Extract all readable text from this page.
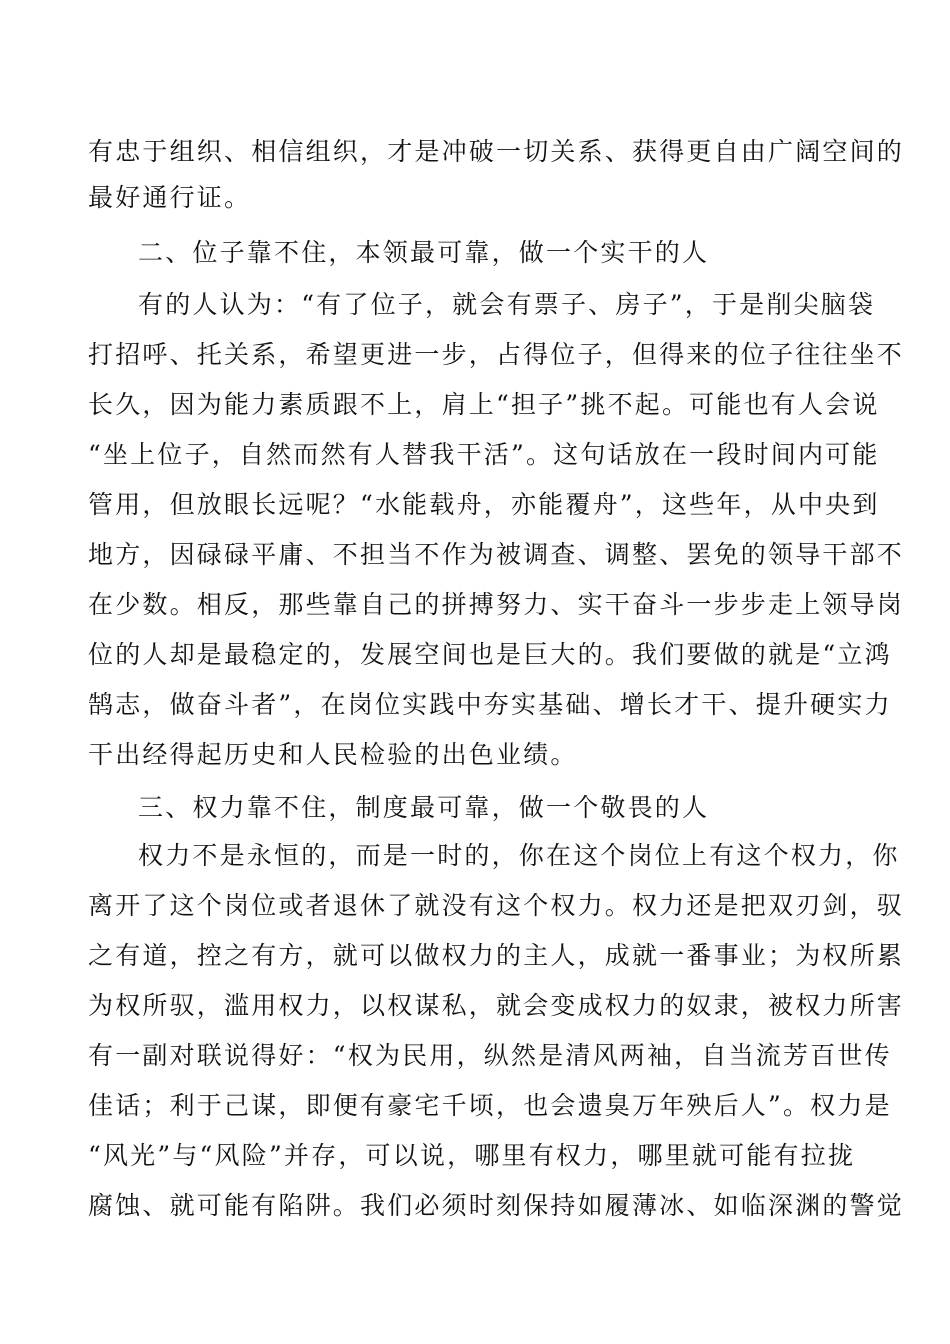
有忠于组织、相信组织，才是冲破一切关系、获得更自由广阔空间的
最好通行证。
二、位子靠不住，本领最可靠，做一个实干的人
有的人认为：“有了位子，就会有票子、房子”，于是削尖脑袋
打招呼、托关系，希望更进一步，占得位子，但得来的位子往往坐不
长久，因为能力素质跟不上，肩上“担子”挑不起。可能也有人会说
“坐上位子，自然而然有人替我干活”。这句话放在一段时间内可能
管用，但放眼长远呢？“水能载舟，亦能覆舟”，这些年，从中央到
地方，因碌碌平庸、不担当不作为被调查、调整、罢免的领导干部不
在少数。相反，那些靠自己的拼搏努力、实干奋斗一步步走上领导岗
位的人却是最稳定的，发展空间也是巨大的。我们要做的就是“立鸿
鹄志，做奋斗者”，在岗位实践中夯实基础、增长才干、提升硬实力
干出经得起历史和人民检验的出色业绩。
三、权力靠不住，制度最可靠，做一个敬畏的人
权力不是永恒的，而是一时的，你在这个岗位上有这个权力，你
离开了这个岗位或者退休了就没有这个权力。权力还是把双刃剑，驭
之有道，控之有方，就可以做权力的主人，成就一番事业；为权所累
为权所驭，滥用权力，以权谋私，就会变成权力的奴隶，被权力所害
有一副对联说得好：“权为民用，纵然是清风两袖，自当流芳百世传
佳话；利于己谋，即便有豪宅千顷，也会遗臭万年殃后人”。权力是
“风光”与“风险”并存，可以说，哪里有权力，哪里就可能有拉拢
腐蚀、就可能有陷阱。我们必须时刻保持如履薄冰、如临深渊的警觉
